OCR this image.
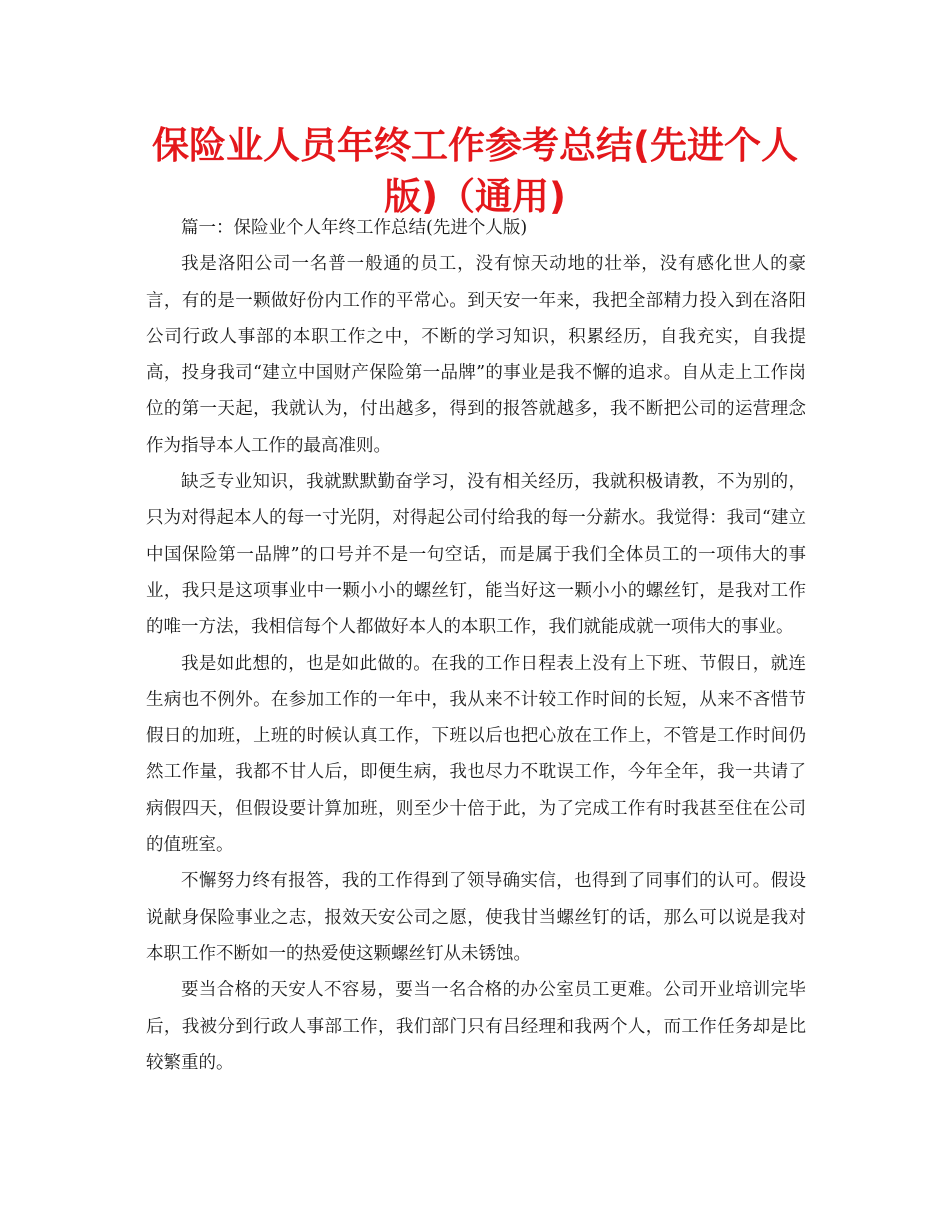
保险业人员年终工作参考总结(先进个人版)（通用)

篇一：保险业个人年终工作总结(先进个人版)

我是洛阳公司一名普一般通的员工，没有惊天动地的壮举，没有感化世人的豪言，有的是一颗做好份内工作的平常心。到天安一年来，我把全部精力投入到在洛阳公司行政人事部的本职工作之中，不断的学习知识，积累经历，自我充实，自我提高，投身我司“建立中国财产保险第一品牌”的事业是我不懈的追求。自从走上工作岗位的第一天起，我就认为，付出越多，得到的报答就越多，我不断把公司的运营理念作为指导本人工作的最高准则。

缺乏专业知识，我就默默勤奋学习，没有相关经历，我就积极请教，不为别的，只为对得起本人的每一寸光阴，对得起公司付给我的每一分薪水。我觉得：我司“建立中国保险第一品牌”的口号并不是一句空话，而是属于我们全体员工的一项伟大的事业，我只是这项事业中一颗小小的螺丝钉，能当好这一颗小小的螺丝钉，是我对工作的唯一方法，我相信每个人都做好本人的本职工作，我们就能成就一项伟大的事业。

我是如此想的，也是如此做的。在我的工作日程表上没有上下班、节假日，就连生病也不例外。在参加工作的一年中，我从来不计较工作时间的长短，从来不吝惜节假日的加班，上班的时候认真工作，下班以后也把心放在工作上，不管是工作时间仍然工作量，我都不甘人后，即便生病，我也尽力不耽误工作，今年全年，我一共请了病假四天，但假设要计算加班，则至少十倍于此，为了完成工作有时我甚至住在公司的值班室。

不懈努力终有报答，我的工作得到了领导确实信，也得到了同事们的认可。假设说献身保险事业之志，报效天安公司之愿，使我甘当螺丝钉的话，那么可以说是我对本职工作不断如一的热爱使这颗螺丝钉从未锈蚀。

要当合格的天安人不容易，要当一名合格的办公室员工更难。公司开业培训完毕后，我被分到行政人事部工作，我们部门只有吕经理和我两个人，而工作任务却是比较繁重的。
